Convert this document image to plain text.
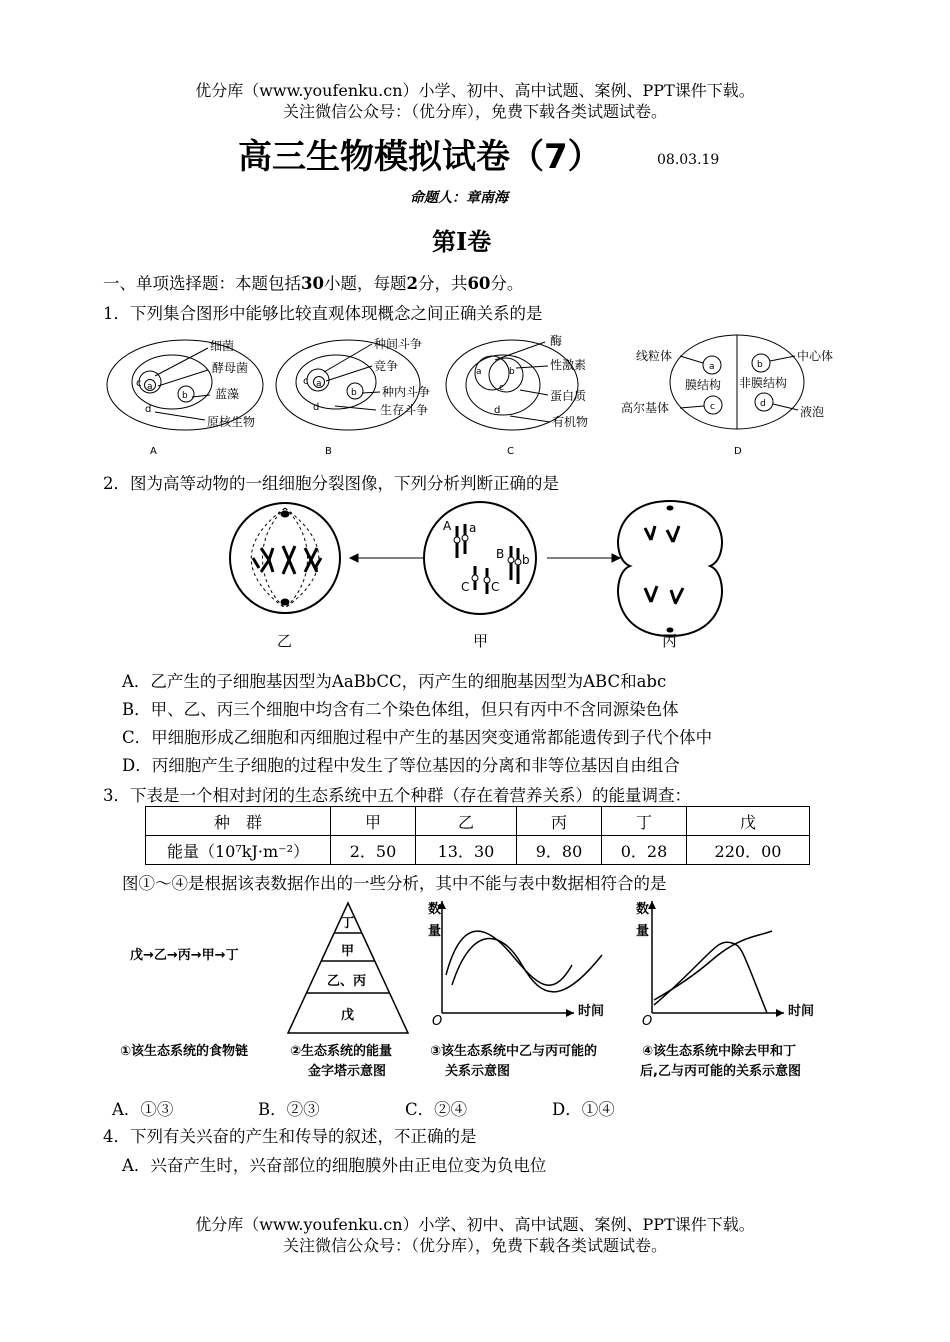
优分库（www.youfenku.cn）小学、初中、高中试题、案例、PPT课件下载。
关注微信公众号：（优分库），免费下载各类试题试卷。
高三生物模拟试卷（7）	08.03.19
命题人：章南海
第Ⅰ卷
一、单项选择题：本题包括30小题，每题2分，共60分。
1．下列集合图形中能够比较直观体现概念之间正确关系的是
c a
b
d
细菌
酵母菌
蓝藻
原核生物
A
c a
b
d
种间斗争
竞争
种内斗争
生存斗争
B
a	b
c
d
酶
性激素
蛋白质
有机物
C
a	b
c	d
线粒体	中心体
膜结构 非膜结构
高尔基体	液泡
D
2．图为高等动物的一组细胞分裂图像，下列分析判断正确的是
A a
B b
C C
乙	甲	丙
A．乙产生的子细胞基因型为AaBbCC，丙产生的细胞基因型为ABC和abc
B．甲、乙、丙三个细胞中均含有二个染色体组，但只有丙中不含同源染色体
C．甲细胞形成乙细胞和丙细胞过程中产生的基因突变通常都能遗传到子代个体中
D．丙细胞产生子细胞的过程中发生了等位基因的分离和非等位基因自由组合
3．下表是一个相对封闭的生态系统中五个种群（存在着营养关系）的能量调查：
种　群	甲	乙	丙	丁	戊
能量（10⁷kJ·m⁻²）	2．50	13．30	9．80	0．28	220．00
图①～④是根据该表数据作出的一些分析，其中不能与表中数据相符合的是
戊→乙→丙→甲→丁
①该生态系统的食物链
丁
甲
乙、丙
戊
②生态系统的能量
金字塔示意图
数
量
时间
O
③该生态系统中乙与丙可能的
关系示意图
数
量
时间
O
④该生态系统中除去甲和丁
后,乙与丙可能的关系示意图
A．①③	B．②③	C．②④	D．①④
4．下列有关兴奋的产生和传导的叙述，不正确的是
A．兴奋产生时，兴奋部位的细胞膜外由正电位变为负电位
优分库（www.youfenku.cn）小学、初中、高中试题、案例、PPT课件下载。
关注微信公众号：（优分库），免费下载各类试题试卷。
